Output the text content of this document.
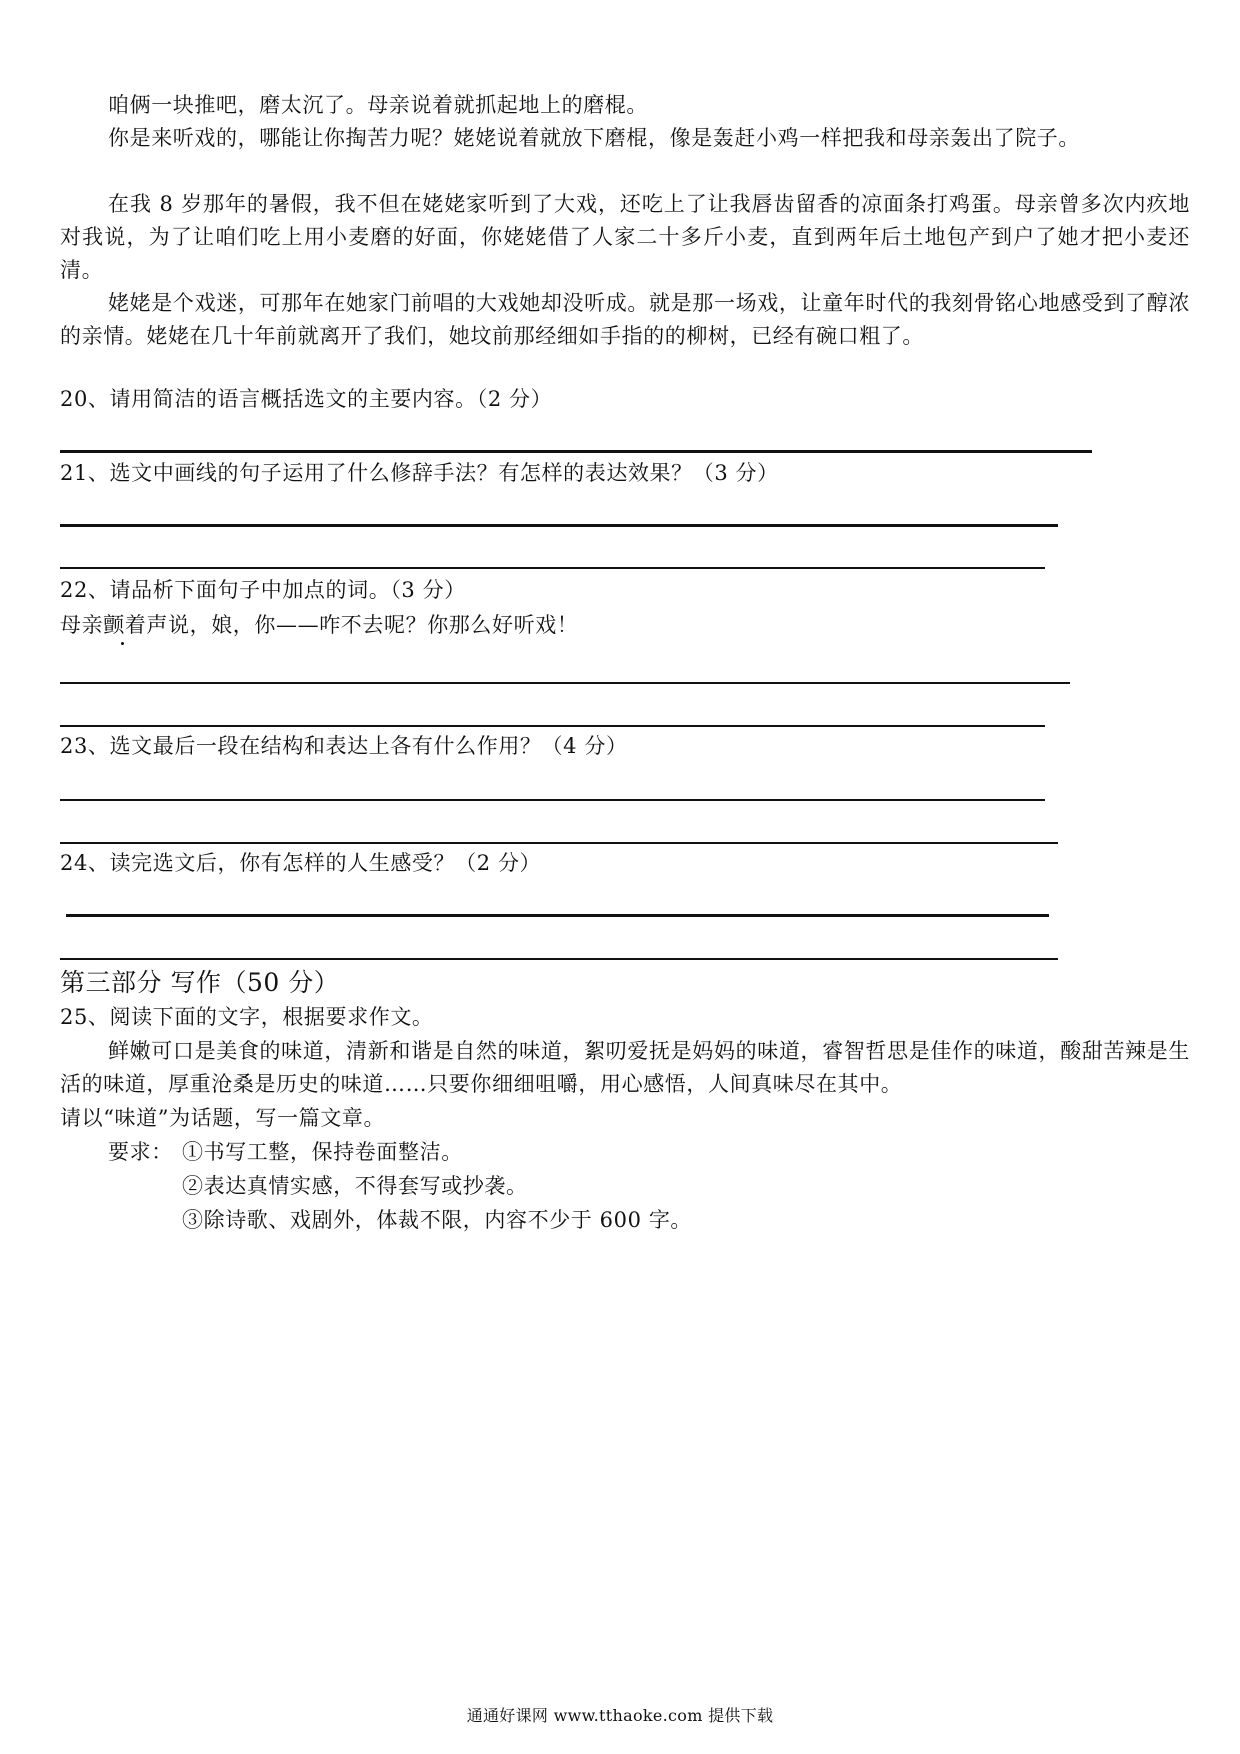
咱俩一块推吧，磨太沉了。母亲说着就抓起地上的磨棍。

你是来听戏的，哪能让你掏苦力呢？姥姥说着就放下磨棍，像是轰赶小鸡一样把我和母亲轰出了院子。

在我 8 岁那年的暑假，我不但在姥姥家听到了大戏，还吃上了让我唇齿留香的凉面条打鸡蛋。母亲曾多次内疚地对我说，为了让咱们吃上用小麦磨的好面，你姥姥借了人家二十多斤小麦，直到两年后土地包产到户了她才把小麦还清。

姥姥是个戏迷，可那年在她家门前唱的大戏她却没听成。就是那一场戏，让童年时代的我刻骨铭心地感受到了醇浓的亲情。姥姥在几十年前就离开了我们，她坟前那经细如手指的的柳树，已经有碗口粗了。

20、请用简洁的语言概括选文的主要内容。（2 分）
21、选文中画线的句子运用了什么修辞手法？有怎样的表达效果？（3 分）
22、请品析下面句子中加点的词。（3 分）
母亲颤着声说，娘，你——咋不去呢？你那么好听戏！
23、选文最后一段在结构和表达上各有什么作用？（4 分）
24、读完选文后，你有怎样的人生感受？（2 分）
第三部分 写作（50 分）
25、阅读下面的文字，根据要求作文。

鲜嫩可口是美食的味道，清新和谐是自然的味道，絮叨爱抚是妈妈的味道，睿智哲思是佳作的味道，酸甜苦辣是生活的味道，厚重沧桑是历史的味道……只要你细细咀嚼，用心感悟，人间真味尽在其中。

请以“味道”为话题，写一篇文章。
要求： ①书写工整，保持卷面整洁。
②表达真情实感，不得套写或抄袭。
③除诗歌、戏剧外，体裁不限，内容不少于 600 字。
通通好课网 www.tthaoke.com 提供下载
